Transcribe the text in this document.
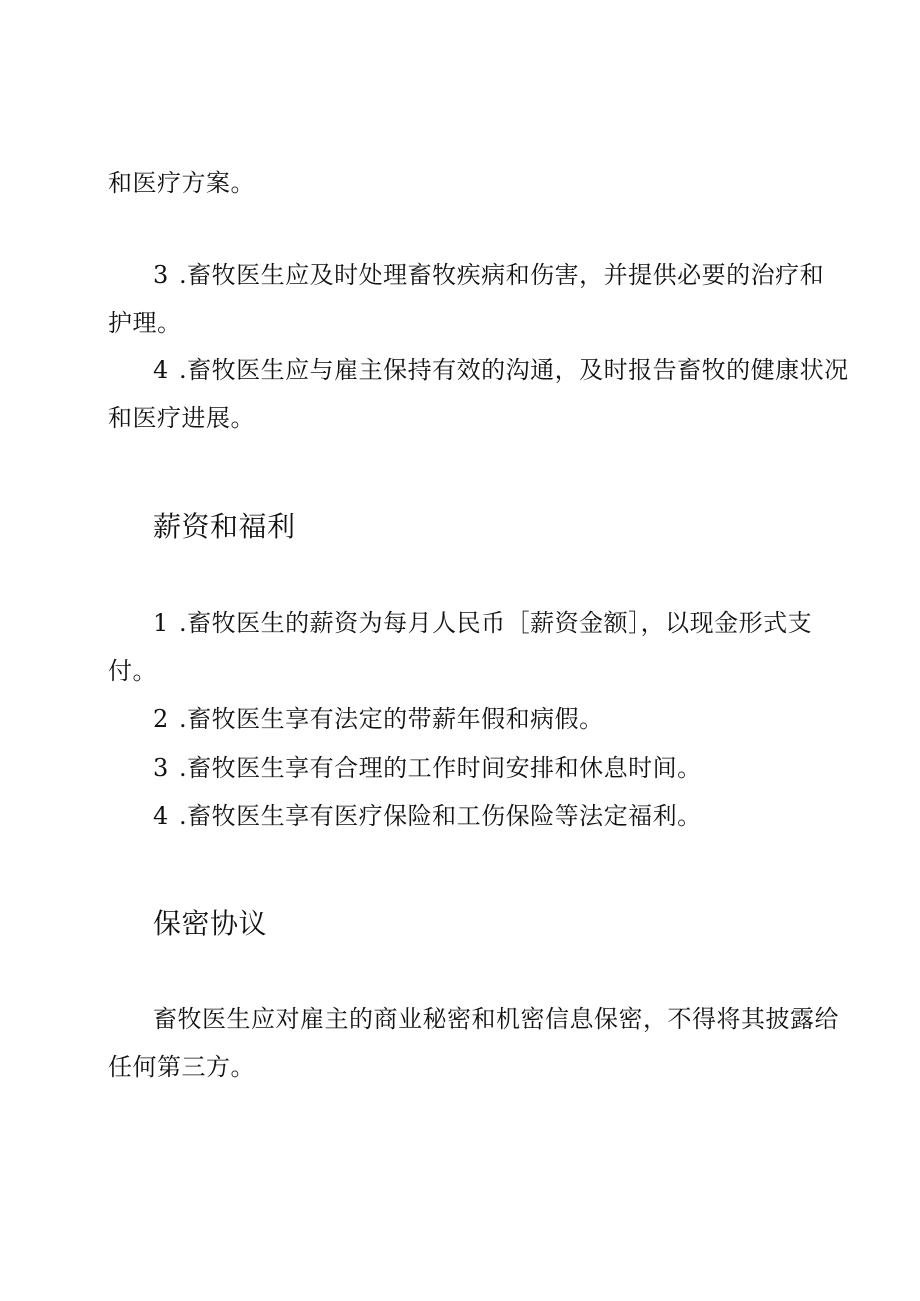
和医疗方案。
3 .畜牧医生应及时处理畜牧疾病和伤害，并提供必要的治疗和
护理。
4 .畜牧医生应与雇主保持有效的沟通，及时报告畜牧的健康状况
和医疗进展。
薪资和福利
1 .畜牧医生的薪资为每月人民币［薪资金额］，以现金形式支
付。
2 .畜牧医生享有法定的带薪年假和病假。
3 .畜牧医生享有合理的工作时间安排和休息时间。
4 .畜牧医生享有医疗保险和工伤保险等法定福利。
保密协议
畜牧医生应对雇主的商业秘密和机密信息保密，不得将其披露给
任何第三方。
